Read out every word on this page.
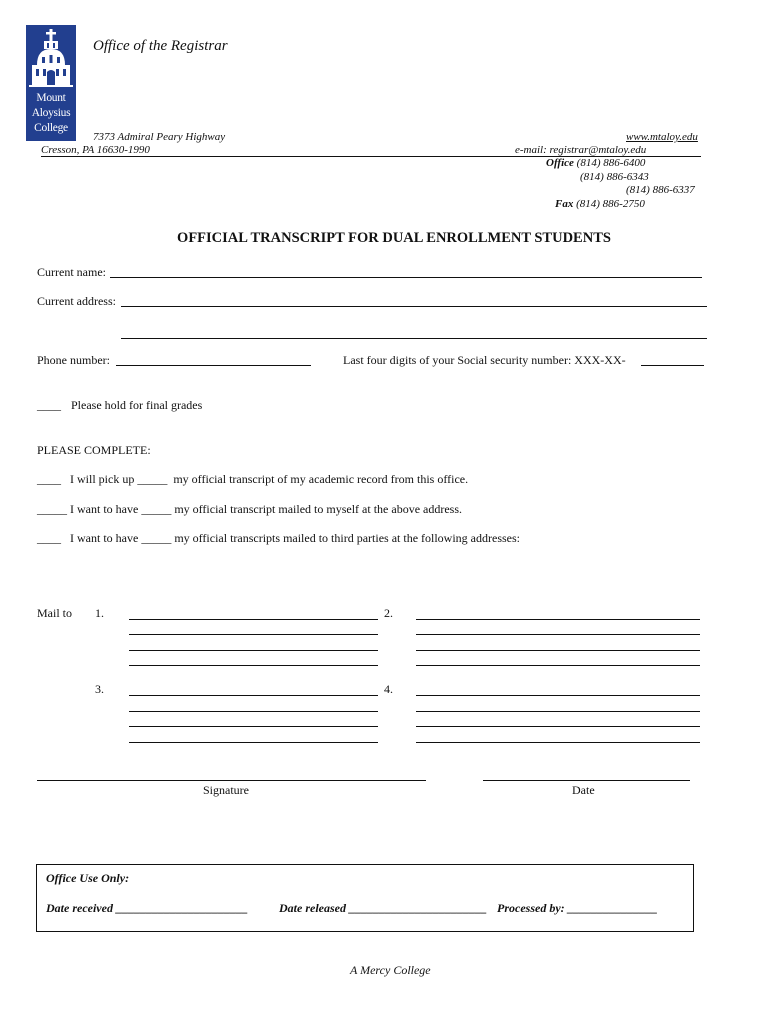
Mount
Aloysius
College
Office of the Registrar
7373 Admiral Peary Highway
Cresson, PA 16630-1990
www.mtaloy.edu
e-mail: registrar@mtaloy.edu
Office (814) 886-6400
(814) 886-6343
(814) 886-6337
Fax (814) 886-2750
OFFICIAL TRANSCRIPT FOR DUAL ENROLLMENT STUDENTS
Current name:
Current address:
Phone number:	Last four digits of your Social security number: XXX-XX-
____ Please hold for final grades
PLEASE COMPLETE:
____ I will pick up _____ my official transcript of my academic record from this office.
_____ I want to have _____ my official transcript mailed to myself at the above address.
____ I want to have _____ my official transcripts mailed to third parties at the following addresses:
Mail to 1.	2.
3.	4.
Signature	Date
Office Use Only:
Date received ______________________	Date released _______________________ Processed by: _______________
A Mercy College
